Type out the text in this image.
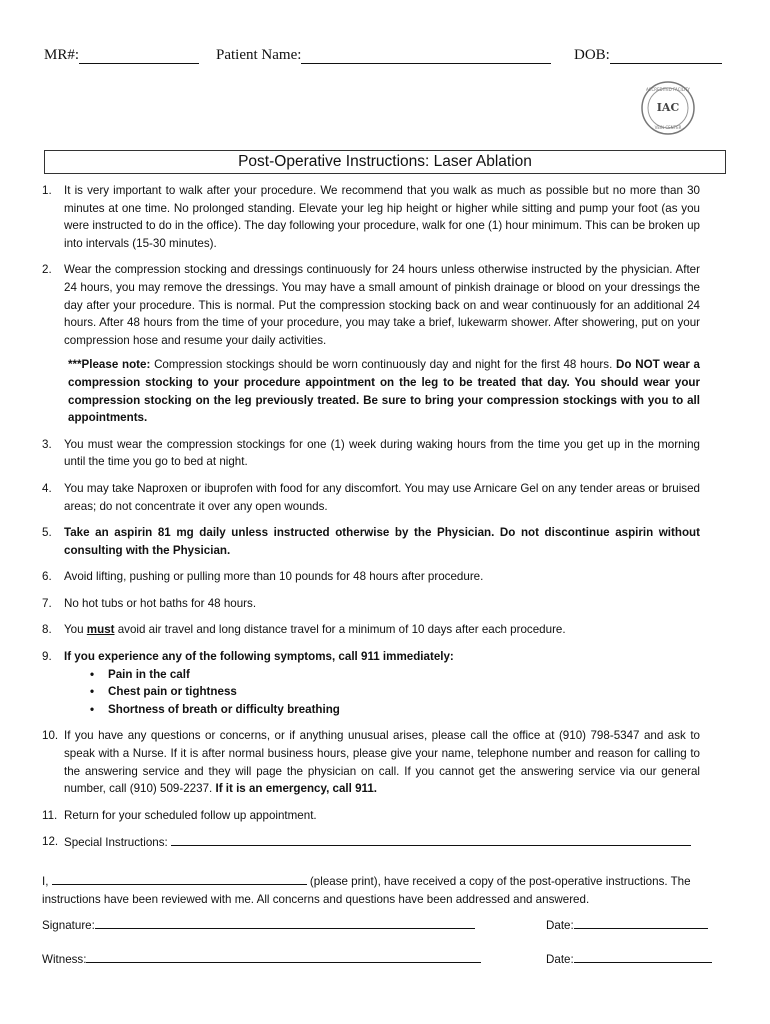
MR#:	Patient Name:	DOB:
ACCREDITED FACILITY
IAC
VEIN CENTER
Post-Operative Instructions: Laser Ablation
1.	It is very important to walk after your procedure. We recommend that you walk as much as possible but no more than 30 minutes at one time. No prolonged standing. Elevate your leg hip height or higher while sitting and pump your foot (as you were instructed to do in the office). The day following your procedure, walk for one (1) hour minimum. This can be broken up into intervals (15-30 minutes).
2.	Wear the compression stocking and dressings continuously for 24 hours unless otherwise instructed by the physician. After 24 hours, you may remove the dressings. You may have a small amount of pinkish drainage or blood on your dressings the day after your procedure. This is normal. Put the compression stocking back on and wear continuously for an additional 24 hours. After 48 hours from the time of your procedure, you may take a brief, lukewarm shower. After showering, put on your compression hose and resume your daily activities.
***Please note: Compression stockings should be worn continuously day and night for the first 48 hours. Do NOT wear a compression stocking to your procedure appointment on the leg to be treated that day. You should wear your compression stocking on the leg previously treated. Be sure to bring your compression stockings with you to all appointments.
3.	You must wear the compression stockings for one (1) week during waking hours from the time you get up in the morning until the time you go to bed at night.
4.	You may take Naproxen or ibuprofen with food for any discomfort. You may use Arnicare Gel on any tender areas or bruised areas; do not concentrate it over any open wounds.
5.	Take an aspirin 81 mg daily unless instructed otherwise by the Physician. Do not discontinue aspirin without consulting with the Physician.
6.	Avoid lifting, pushing or pulling more than 10 pounds for 48 hours after procedure.
7.	No hot tubs or hot baths for 48 hours.
8.	You must avoid air travel and long distance travel for a minimum of 10 days after each procedure.
9.	If you experience any of the following symptoms, call 911 immediately:
• Pain in the calf
• Chest pain or tightness
• Shortness of breath or difficulty breathing
10. If you have any questions or concerns, or if anything unusual arises, please call the office at (910) 798-5347 and ask to speak with a Nurse. If it is after normal business hours, please give your name, telephone number and reason for calling to the answering service and they will page the physician on call. If you cannot get the answering service via our general number, call (910) 509-2237. If it is an emergency, call 911.
11. Return for your scheduled follow up appointment.
12. Special Instructions:
I,	(please print), have received a copy of the post-operative instructions. The instructions have been reviewed with me. All concerns and questions have been addressed and answered.
Signature:	Date:
Witness:	Date:
